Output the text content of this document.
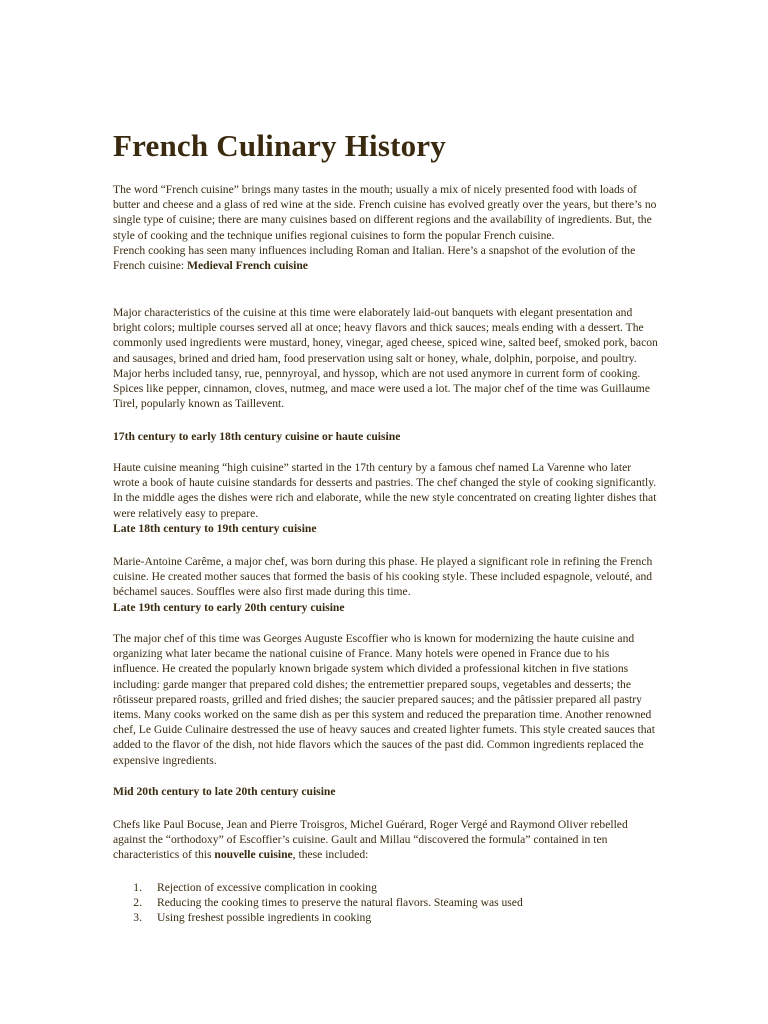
French Culinary History

The word “French cuisine” brings many tastes in the mouth; usually a mix of nicely presented food with loads of butter and cheese and a glass of red wine at the side. French cuisine has evolved greatly over the years, but there’s no single type of cuisine; there are many cuisines based on different regions and the availability of ingredients. But, the style of cooking and the technique unifies regional cuisines to form the popular French cuisine.
French cooking has seen many influences including Roman and Italian. Here’s a snapshot of the evolution of the French cuisine: Medieval French cuisine

Major characteristics of the cuisine at this time were elaborately laid-out banquets with elegant presentation and bright colors; multiple courses served all at once; heavy flavors and thick sauces; meals ending with a dessert. The commonly used ingredients were mustard, honey, vinegar, aged cheese, spiced wine, salted beef, smoked pork, bacon and sausages, brined and dried ham, food preservation using salt or honey, whale, dolphin, porpoise, and poultry. Major herbs included tansy, rue, pennyroyal, and hyssop, which are not used anymore in current form of cooking. Spices like pepper, cinnamon, cloves, nutmeg, and mace were used a lot. The major chef of the time was Guillaume Tirel, popularly known as Taillevent.

17th century to early 18th century cuisine or haute cuisine

Haute cuisine meaning “high cuisine” started in the 17th century by a famous chef named La Varenne who later wrote a book of haute cuisine standards for desserts and pastries. The chef changed the style of cooking significantly. In the middle ages the dishes were rich and elaborate, while the new style concentrated on creating lighter dishes that were relatively easy to prepare.
Late 18th century to 19th century cuisine

Marie-Antoine Carême, a major chef, was born during this phase. He played a significant role in refining the French cuisine. He created mother sauces that formed the basis of his cooking style. These included espagnole, velouté, and béchamel sauces. Souffles were also first made during this time.
Late 19th century to early 20th century cuisine

The major chef of this time was Georges Auguste Escoffier who is known for modernizing the haute cuisine and organizing what later became the national cuisine of France. Many hotels were opened in France due to his influence. He created the popularly known brigade system which divided a professional kitchen in five stations including: garde manger that prepared cold dishes; the entremettier prepared soups, vegetables and desserts; the rôtisseur prepared roasts, grilled and fried dishes; the saucier prepared sauces; and the pâtissier prepared all pastry items. Many cooks worked on the same dish as per this system and reduced the preparation time. Another renowned chef, Le Guide Culinaire destressed the use of heavy sauces and created lighter fumets. This style created sauces that added to the flavor of the dish, not hide flavors which the sauces of the past did. Common ingredients replaced the expensive ingredients.

Mid 20th century to late 20th century cuisine

Chefs like Paul Bocuse, Jean and Pierre Troisgros, Michel Guérard, Roger Vergé and Raymond Oliver rebelled against the “orthodoxy” of Escoffier’s cuisine. Gault and Millau “discovered the formula” contained in ten characteristics of this nouvelle cuisine, these included:

1.	Rejection of excessive complication in cooking
2.	Reducing the cooking times to preserve the natural flavors. Steaming was used
3.	Using freshest possible ingredients in cooking
